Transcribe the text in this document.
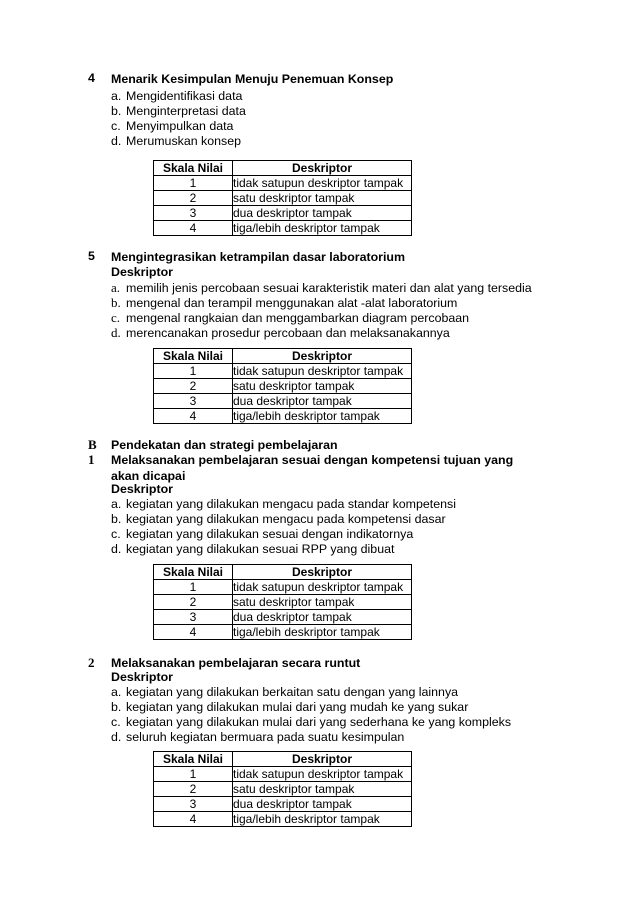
4 Menarik Kesimpulan Menuju Penemuan Konsep
a. Mengidentifikasi data
b. Menginterpretasi data
c. Menyimpulkan data
d. Merumuskan konsep
Skala Nilai	Deskriptor
1	tidak satupun deskriptor tampak
2	satu deskriptor tampak
3	dua deskriptor tampak
4	tiga/lebih deskriptor tampak
5 Mengintegrasikan ketrampilan dasar laboratorium
Deskriptor
a. memilih jenis percobaan sesuai karakteristik materi dan alat yang tersedia
b. mengenal dan terampil menggunakan alat -alat laboratorium
c. mengenal rangkaian dan menggambarkan diagram percobaan
d. merencanakan prosedur percobaan dan melaksanakannya
Skala Nilai	Deskriptor
1	tidak satupun deskriptor tampak
2	satu deskriptor tampak
3	dua deskriptor tampak
4	tiga/lebih deskriptor tampak
B Pendekatan dan strategi pembelajaran
1 Melaksanakan pembelajaran sesuai dengan kompetensi tujuan yang akan dicapai
Deskriptor
a. kegiatan yang dilakukan mengacu pada standar kompetensi
b. kegiatan yang dilakukan mengacu pada kompetensi dasar
c. kegiatan yang dilakukan sesuai dengan indikatornya
d. kegiatan yang dilakukan sesuai RPP yang dibuat
Skala Nilai	Deskriptor
1	tidak satupun deskriptor tampak
2	satu deskriptor tampak
3	dua deskriptor tampak
4	tiga/lebih deskriptor tampak
2 Melaksanakan pembelajaran secara runtut
Deskriptor
a. kegiatan yang dilakukan berkaitan satu dengan yang lainnya
b. kegiatan yang dilakukan mulai dari yang mudah ke yang sukar
c. kegiatan yang dilakukan mulai dari yang sederhana ke yang kompleks
d. seluruh kegiatan bermuara pada suatu kesimpulan
Skala Nilai	Deskriptor
1	tidak satupun deskriptor tampak
2	satu deskriptor tampak
3	dua deskriptor tampak
4	tiga/lebih deskriptor tampak
